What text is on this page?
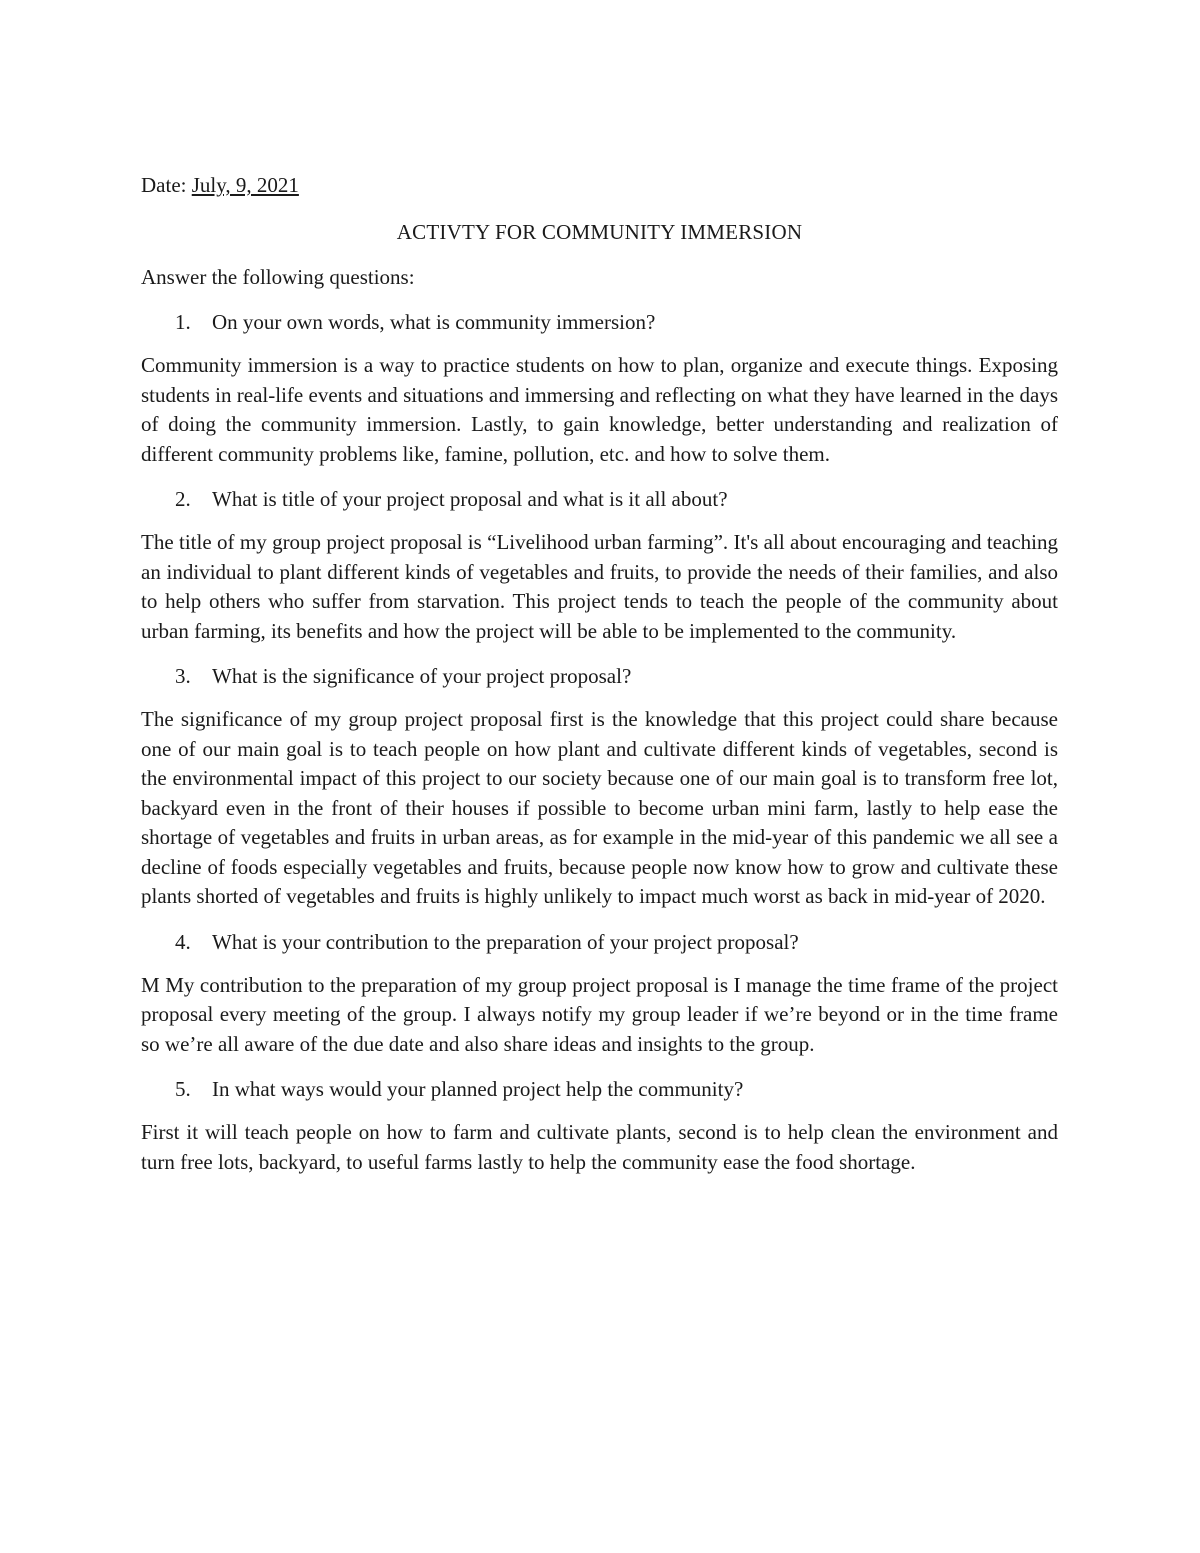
Date: July, 9, 2021

ACTIVTY FOR COMMUNITY IMMERSION

Answer the following questions:

1.	On your own words, what is community immersion?

Community immersion is a way to practice students on how to plan, organize and execute things. Exposing students in real-life events and situations and immersing and reflecting on what they have learned in the days of doing the community immersion. Lastly, to gain knowledge, better understanding and realization of different community problems like, famine, pollution, etc. and how to solve them.

2.	What is title of your project proposal and what is it all about?

The title of my group project proposal is “Livelihood urban farming”. It's all about encouraging and teaching an individual to plant different kinds of vegetables and fruits, to provide the needs of their families, and also to help others who suffer from starvation. This project tends to teach the people of the community about urban farming, its benefits and how the project will be able to be implemented to the community.

3.	What is the significance of your project proposal?

The significance of my group project proposal first is the knowledge that this project could share because one of our main goal is to teach people on how plant and cultivate different kinds of vegetables, second is the environmental impact of this project to our society because one of our main goal is to transform free lot, backyard even in the front of their houses if possible to become urban mini farm, lastly to help ease the shortage of vegetables and fruits in urban areas, as for example in the mid-year of this pandemic we all see a decline of foods especially vegetables and fruits, because people now know how to grow and cultivate these plants shorted of vegetables and fruits is highly unlikely to impact much worst as back in mid-year of 2020.

4.	What is your contribution to the preparation of your project proposal?

M My contribution to the preparation of my group project proposal is I manage the time frame of the project proposal every meeting of the group. I always notify my group leader if we’re beyond or in the time frame so we’re all aware of the due date and also share ideas and insights to the group.

5.	In what ways would your planned project help the community?

First it will teach people on how to farm and cultivate plants, second is to help clean the environment and turn free lots, backyard, to useful farms lastly to help the community ease the food shortage.
